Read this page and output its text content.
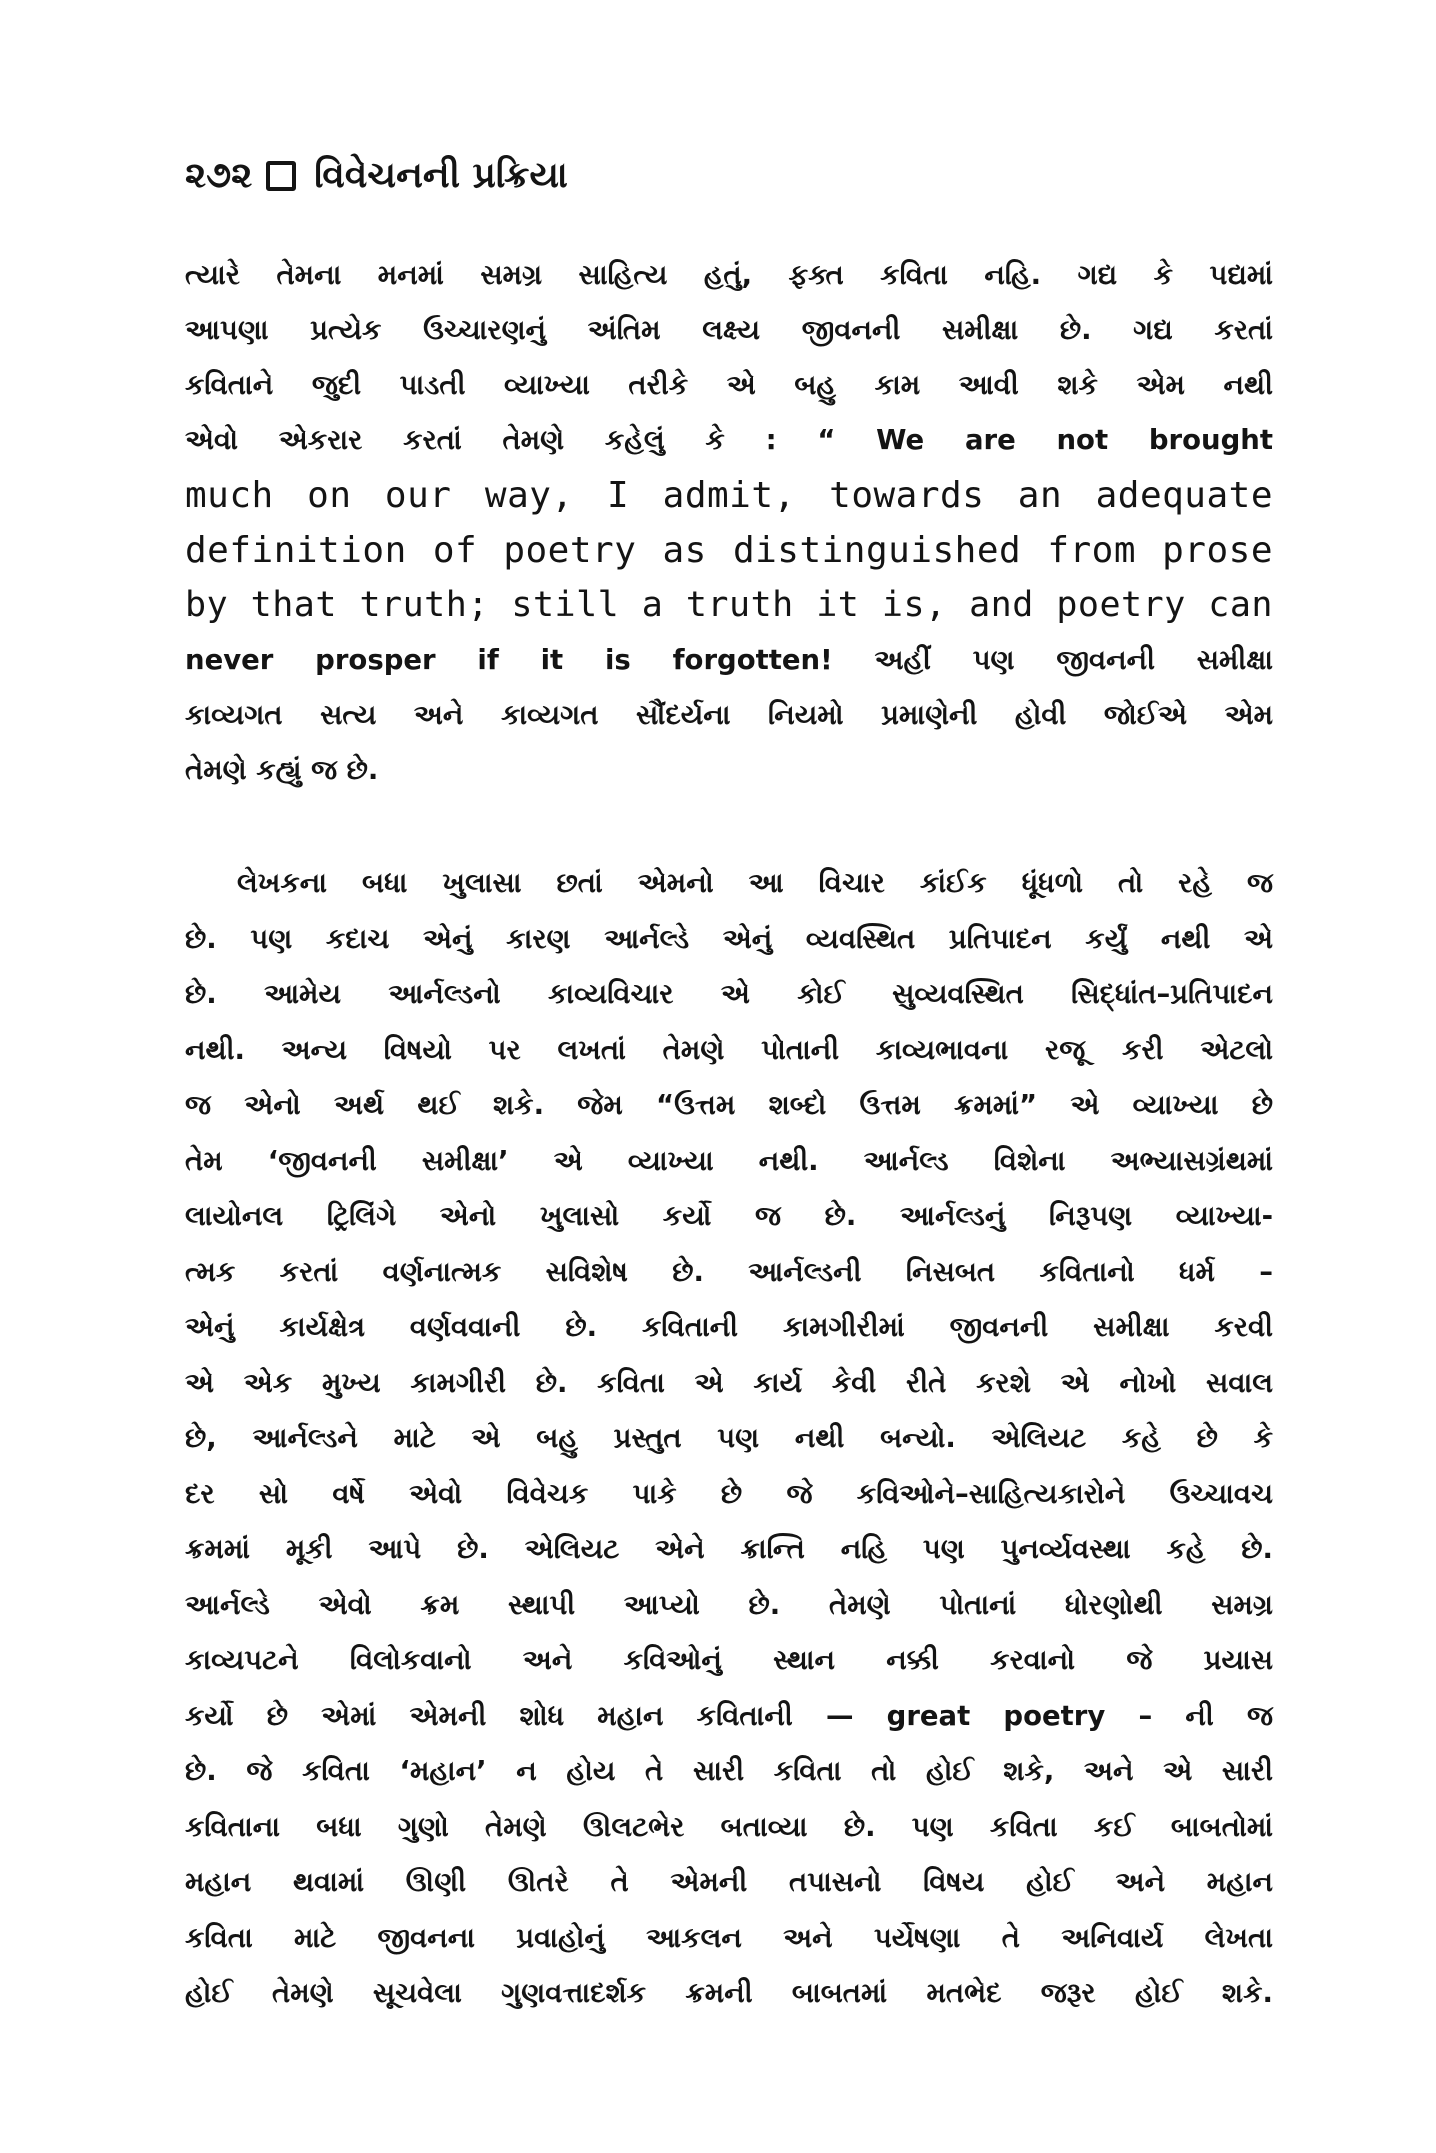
૨૭૨ વિવેચનની પ્રક્રિયા
ત્યારે તેમના મનમાં સમગ્ર સાહિત્ય હતું, ફક્ત કવિતા નહિ. ગદ્ય કે પદ્યમાં
આપણા પ્રત્યેક ઉચ્ચારણનું અંતિમ લક્ષ્ય જીવનની સમીક્ષા છે. ગદ્ય કરતાં
કવિતાને જુદી પાડતી વ્યાખ્યા તરીકે એ બહુ કામ આવી શકે એમ નથી
એવો એકરાર કરતાં તેમણે કહેલું કે : “ We are not brought
much on our way, I admit, towards an adequate
definition of poetry as distinguished from prose
by that truth; still a truth it is, and poetry can
never prosper if it is forgotten! અહીં પણ જીવનની સમીક્ષા
કાવ્યગત સત્ય અને કાવ્યગત સૌંદર્યના નિયમો પ્રમાણેની હોવી જોઈએ એમ
તેમણે કહ્યું જ છે.
લેખકના બધા ખુલાસા છતાં એમનો આ વિચાર કાંઈક ધૂંધળો તો રહે જ
છે. પણ કદાચ એનું કારણ આર્નલ્ડે એનું વ્યવસ્થિત પ્રતિપાદન કર્યું નથી એ
છે. આમેય આર્નલ્ડનો કાવ્યવિચાર એ કોઈ સુવ્યવસ્થિત સિદ્ધાંત–પ્રતિપાદન
નથી. અન્ય વિષયો પર લખતાં તેમણે પોતાની કાવ્યભાવના રજૂ કરી એટલો
જ એનો અર્થ થઈ શકે. જેમ “ઉત્તમ શબ્દો ઉત્તમ ક્રમમાં” એ વ્યાખ્યા છે
તેમ ‘જીવનની સમીક્ષા’ એ વ્યાખ્યા નથી. આર્નલ્ડ વિશેના અભ્યાસગ્રંથમાં
લાયોનલ ટ્રિલિંગે એનો ખુલાસો કર્યો જ છે. આર્નલ્ડનું નિરૂપણ વ્યાખ્યા-
ત્મક કરતાં વર્ણનાત્મક સવિશેષ છે. આર્નલ્ડની નિસબત કવિતાનો ધર્મ –
એનું કાર્યક્ષેત્ર વર્ણવવાની છે. કવિતાની કામગીરીમાં જીવનની સમીક્ષા કરવી
એ એક મુખ્ય કામગીરી છે. કવિતા એ કાર્ય કેવી રીતે કરશે એ નોખો સવાલ
છે, આર્નલ્ડને માટે એ બહુ પ્રસ્તુત પણ નથી બન્યો. એલિયટ કહે છે કે
દર સો વર્ષે એવો વિવેચક પાકે છે જે કવિઓને–સાહિત્યકારોને ઉચ્ચાવચ
ક્રમમાં મૂકી આપે છે. એલિયટ એને ક્રાન્તિ નહિ પણ પુનર્વ્યવસ્થા કહે છે.
આર્નલ્ડે એવો ક્રમ સ્થાપી આપ્યો છે. તેમણે પોતાનાં ધોરણોથી સમગ્ર
કાવ્યપટને વિલોકવાનો અને કવિઓનું સ્થાન નક્કી કરવાનો જે પ્રયાસ
કર્યો છે એમાં એમની શોધ મહાન કવિતાની — great poetry – ની જ
છે. જે કવિતા ‘મહાન’ ન હોય તે સારી કવિતા તો હોઈ શકે, અને એ સારી
કવિતાના બધા ગુણો તેમણે ઊલટભેર બતાવ્યા છે. પણ કવિતા કઈ બાબતોમાં
મહાન થવામાં ઊણી ઊતરે તે એમની તપાસનો વિષય હોઈ અને મહાન
કવિતા માટે જીવનના પ્રવાહોનું આકલન અને પર્યેષણા તે અનિવાર્ય લેખતા
હોઈ તેમણે સૂચવેલા ગુણવત્તાદર્શક ક્રમની બાબતમાં મતભેદ જરૂર હોઈ શકે.
